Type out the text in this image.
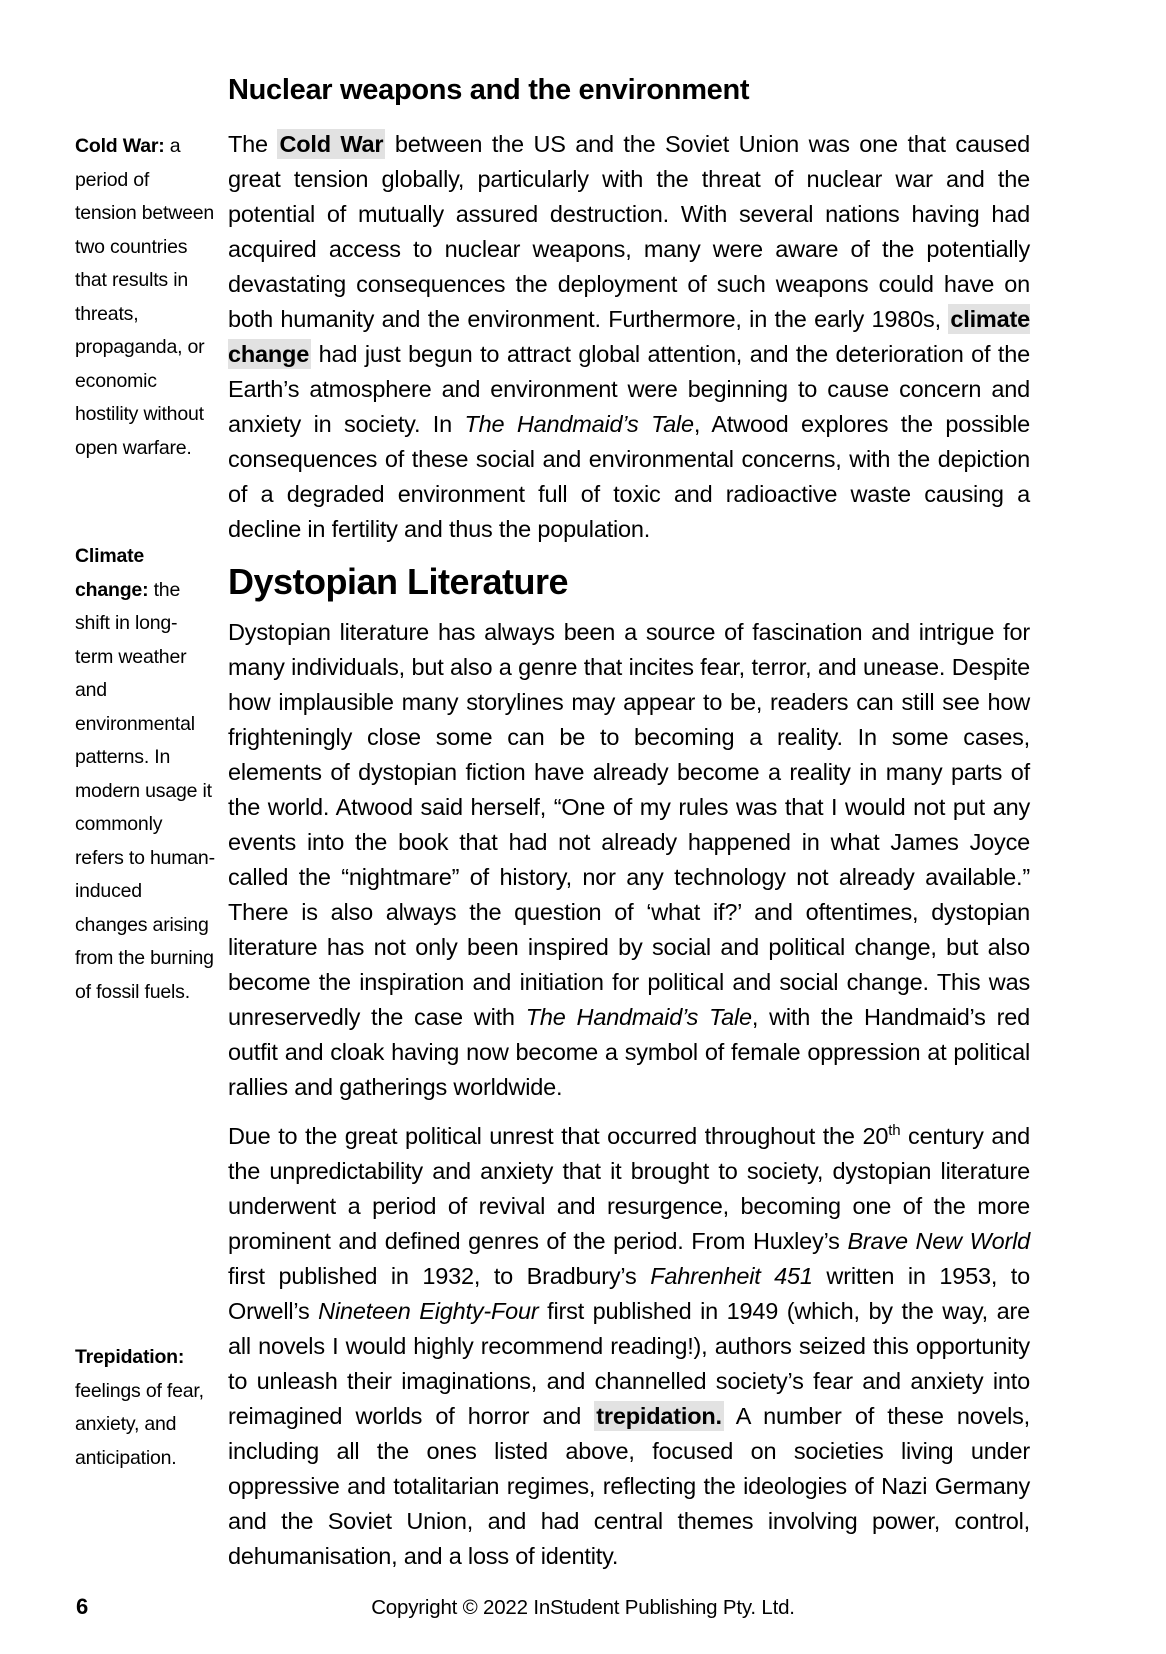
Cold War: a period of tension between two countries that results in threats, propaganda, or economic hostility without open warfare.
Climate change: the shift in long-term weather and environmental patterns. In modern usage it commonly refers to human-induced changes arising from the burning of fossil fuels.
Trepidation: feelings of fear, anxiety, and anticipation.
Nuclear weapons and the environment

The Cold War between the US and the Soviet Union was one that caused great tension globally, particularly with the threat of nuclear war and the potential of mutually assured destruction. With several nations having had acquired access to nuclear weapons, many were aware of the potentially devastating consequences the deployment of such weapons could have on both humanity and the environment. Furthermore, in the early 1980s, climate change had just begun to attract global attention, and the deterioration of the Earth’s atmosphere and environment were beginning to cause concern and anxiety in society. In The Handmaid’s Tale, Atwood explores the possible consequences of these social and environmental concerns, with the depiction of a degraded environment full of toxic and radioactive waste causing a decline in fertility and thus the population.

Dystopian Literature

Dystopian literature has always been a source of fascination and intrigue for many individuals, but also a genre that incites fear, terror, and unease. Despite how implausible many storylines may appear to be, readers can still see how frighteningly close some can be to becoming a reality. In some cases, elements of dystopian fiction have already become a reality in many parts of the world. Atwood said herself, “One of my rules was that I would not put any events into the book that had not already happened in what James Joyce called the “nightmare” of history, nor any technology not already available.” There is also always the question of ‘what if?’ and oftentimes, dystopian literature has not only been inspired by social and political change, but also become the inspiration and initiation for political and social change. This was unreservedly the case with The Handmaid’s Tale, with the Handmaid’s red outfit and cloak having now become a symbol of female oppression at political rallies and gatherings worldwide.

Due to the great political unrest that occurred throughout the 20th century and the unpredictability and anxiety that it brought to society, dystopian literature underwent a period of revival and resurgence, becoming one of the more prominent and defined genres of the period. From Huxley’s Brave New World first published in 1932, to Bradbury’s Fahrenheit 451 written in 1953, to Orwell’s Nineteen Eighty-Four first published in 1949 (which, by the way, are all novels I would highly recommend reading!), authors seized this opportunity to unleash their imaginations, and channelled society’s fear and anxiety into reimagined worlds of horror and trepidation. A number of these novels, including all the ones listed above, focused on societies living under oppressive and totalitarian regimes, reflecting the ideologies of Nazi Germany and the Soviet Union, and had central themes involving power, control, dehumanisation, and a loss of identity.

6	Copyright © 2022 InStudent Publishing Pty. Ltd.
